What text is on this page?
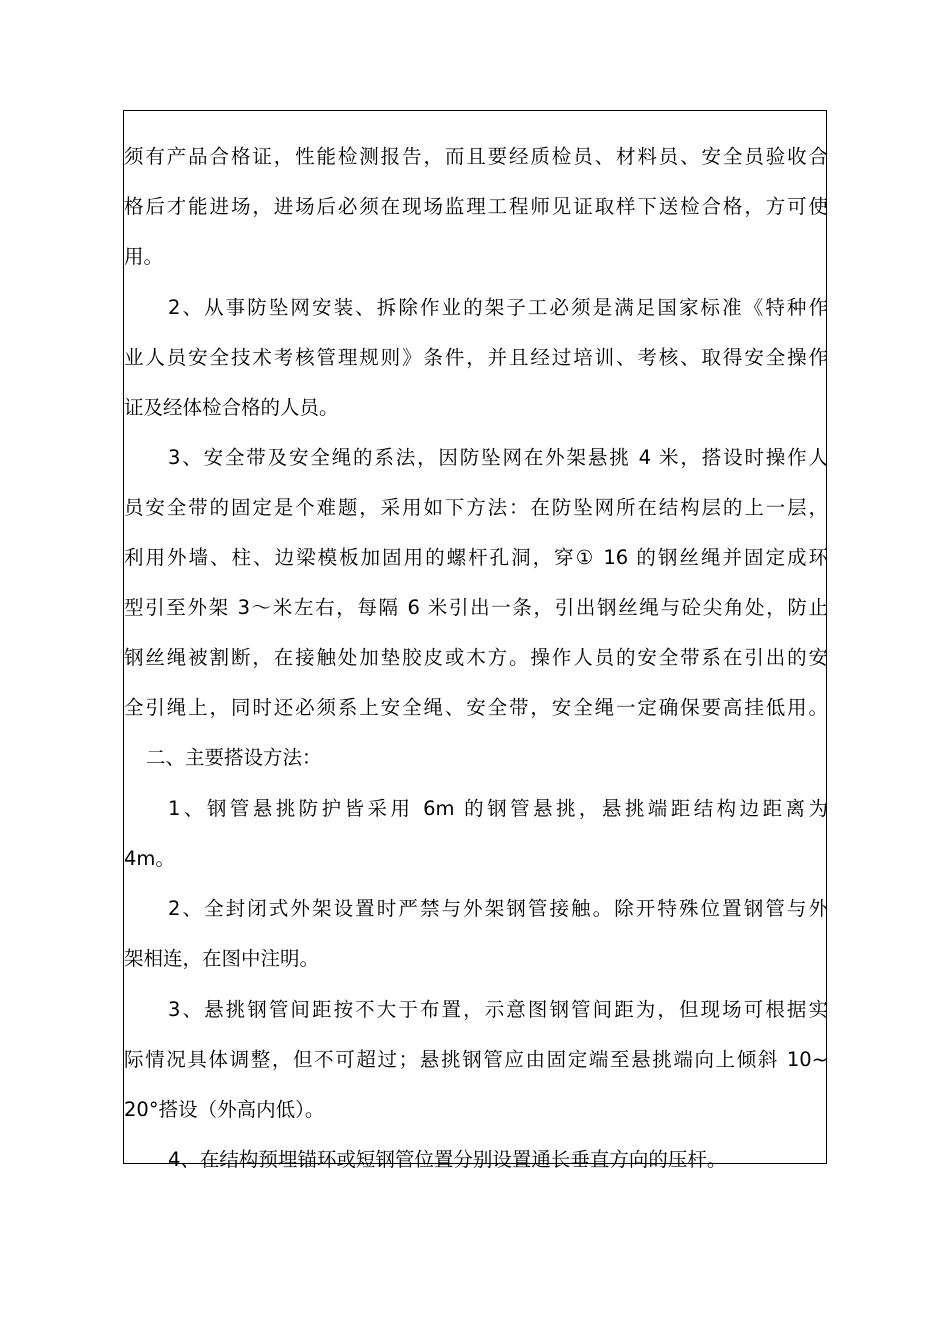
须有产品合格证，性能检测报告，而且要经质检员、材料员、安全员验收合
格后才能进场，进场后必须在现场监理工程师见证取样下送检合格，方可使
用。
2、从事防坠网安装、拆除作业的架子工必须是满足国家标准《特种作
业人员安全技术考核管理规则》条件，并且经过培训、考核、取得安全操作
证及经体检合格的人员。
3、安全带及安全绳的系法，因防坠网在外架悬挑 4 米，搭设时操作人
员安全带的固定是个难题，采用如下方法：在防坠网所在结构层的上一层，
利用外墙、柱、边梁模板加固用的螺杆孔洞，穿① 16 的钢丝绳并固定成环
型引至外架 3〜米左右，每隔 6 米引出一条，引出钢丝绳与砼尖角处，防止
钢丝绳被割断，在接触处加垫胶皮或木方。操作人员的安全带系在引出的安
全引绳上，同时还必须系上安全绳、安全带，安全绳一定确保要高挂低用。
二、主要搭设方法：
1、钢管悬挑防护皆采用 6m 的钢管悬挑，悬挑端距结构边距离为
4m。
2、全封闭式外架设置时严禁与外架钢管接触。除开特殊位置钢管与外
架相连，在图中注明。
3、悬挑钢管间距按不大于布置，示意图钢管间距为，但现场可根据实
际情况具体调整，但不可超过；悬挑钢管应由固定端至悬挑端向上倾斜 10~
20°搭设（外高内低）。
4、在结构预埋锚环或短钢管位置分别设置通长垂直方向的压杆。
